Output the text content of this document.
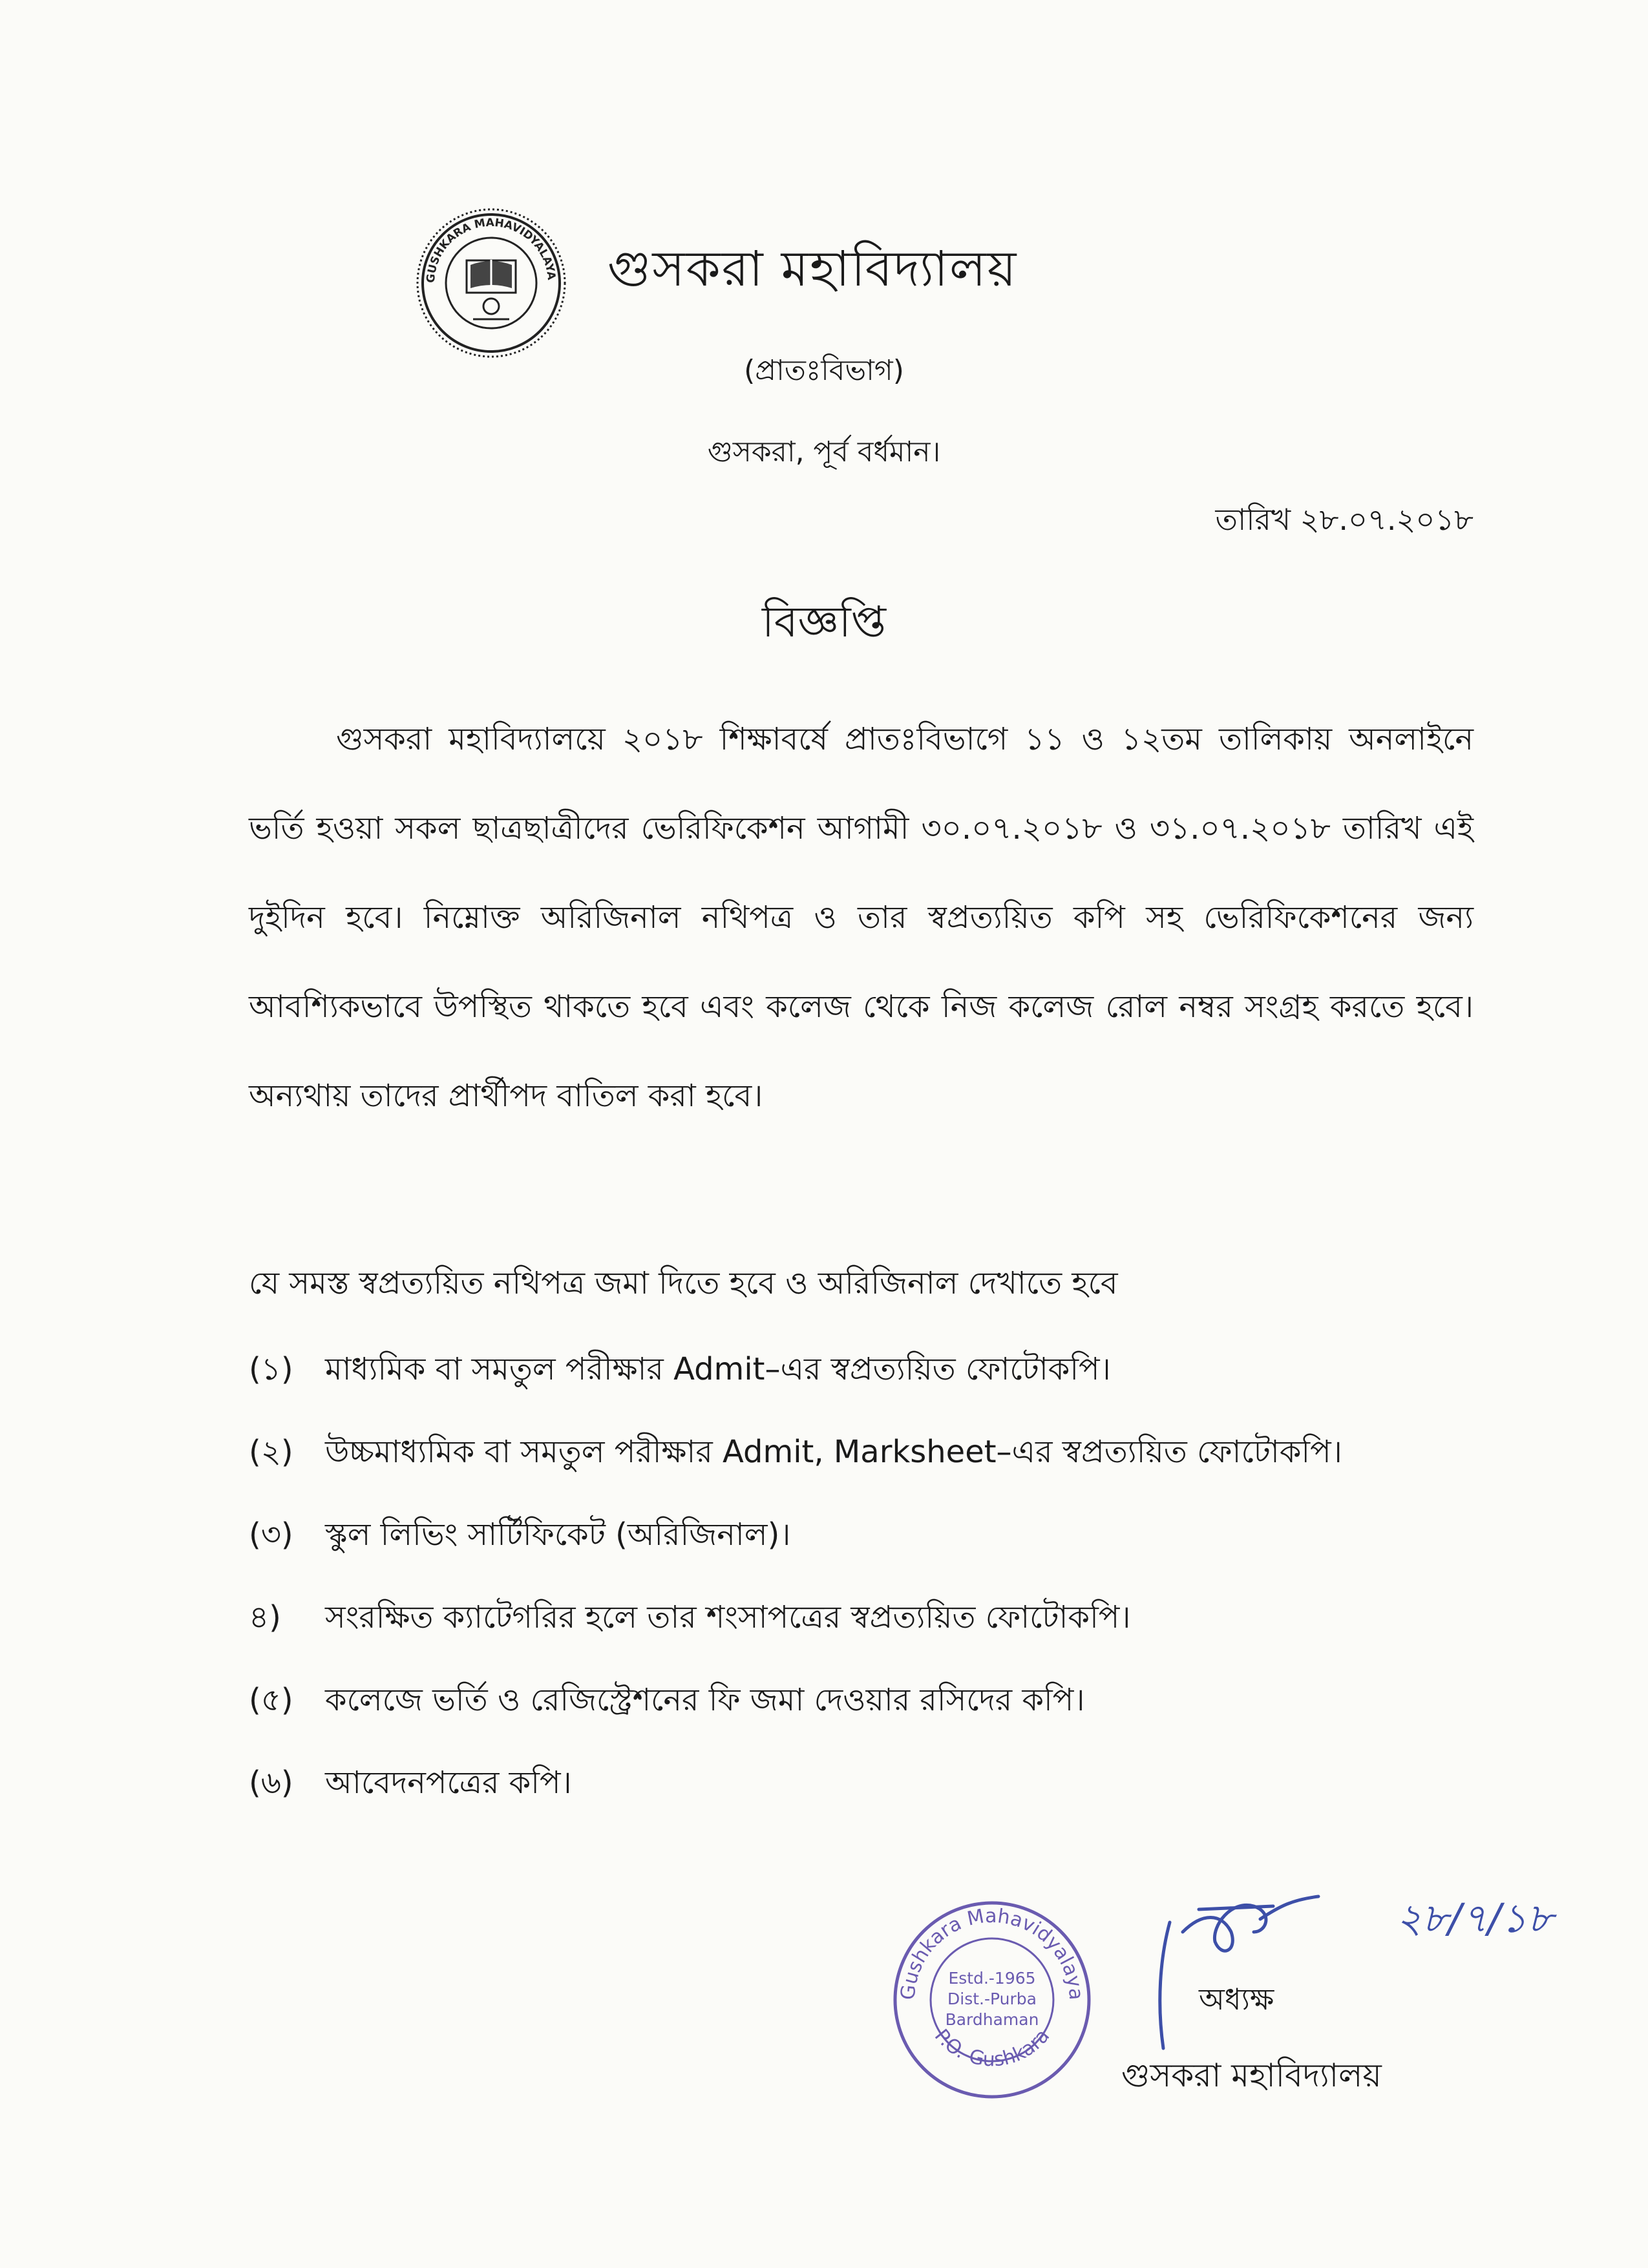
GUSHKARA MAHAVIDYALAYA গুসকরা মহাবিদ্যালয়
(প্রাতঃবিভাগ)
গুসকরা, পূর্ব বর্ধমান।
তারিখ ২৮.০৭.২০১৮
বিজ্ঞপ্তি

গুসকরা মহাবিদ্যালয়ে ২০১৮ শিক্ষাবর্ষে প্রাতঃবিভাগে ১১ ও ১২তম তালিকায় অনলাইনে ভর্তি হওয়া সকল ছাত্রছাত্রীদের ভেরিফিকেশন আগামী ৩০.০৭.২০১৮ ও ৩১.০৭.২০১৮ তারিখ এই দুইদিন হবে। নিম্নোক্ত অরিজিনাল নথিপত্র ও তার স্বপ্রত্যয়িত কপি সহ ভেরিফিকেশনের জন্য আবশ্যিকভাবে উপস্থিত থাকতে হবে এবং কলেজ থেকে নিজ কলেজ রোল নম্বর সংগ্রহ করতে হবে। অন্যথায় তাদের প্রার্থীপদ বাতিল করা হবে।

যে সমস্ত স্বপ্রত্যয়িত নথিপত্র জমা দিতে হবে ও অরিজিনাল দেখাতে হবে

(১)	মাধ্যমিক বা সমতুল পরীক্ষার Admit–এর স্বপ্রত্যয়িত ফোটোকপি।
(২)	উচ্চমাধ্যমিক বা সমতুল পরীক্ষার Admit, Marksheet–এর স্বপ্রত্যয়িত ফোটোকপি।
(৩)	স্কুল লিভিং সার্টিফিকেট (অরিজিনাল)।
৪)	সংরক্ষিত ক্যাটেগরির হলে তার শংসাপত্রের স্বপ্রত্যয়িত ফোটোকপি।
(৫)	কলেজে ভর্তি ও রেজিস্ট্রেশনের ফি জমা দেওয়ার রসিদের কপি।
(৬)	আবেদনপত্রের কপি।
Gushkara Mahavidyalaya
P.O.-Gushkara
Estd.-1965
Dist.-Purba
Bardhaman
২৮/৭/১৮
অধ্যক্ষ
গুসকরা মহাবিদ্যালয়
